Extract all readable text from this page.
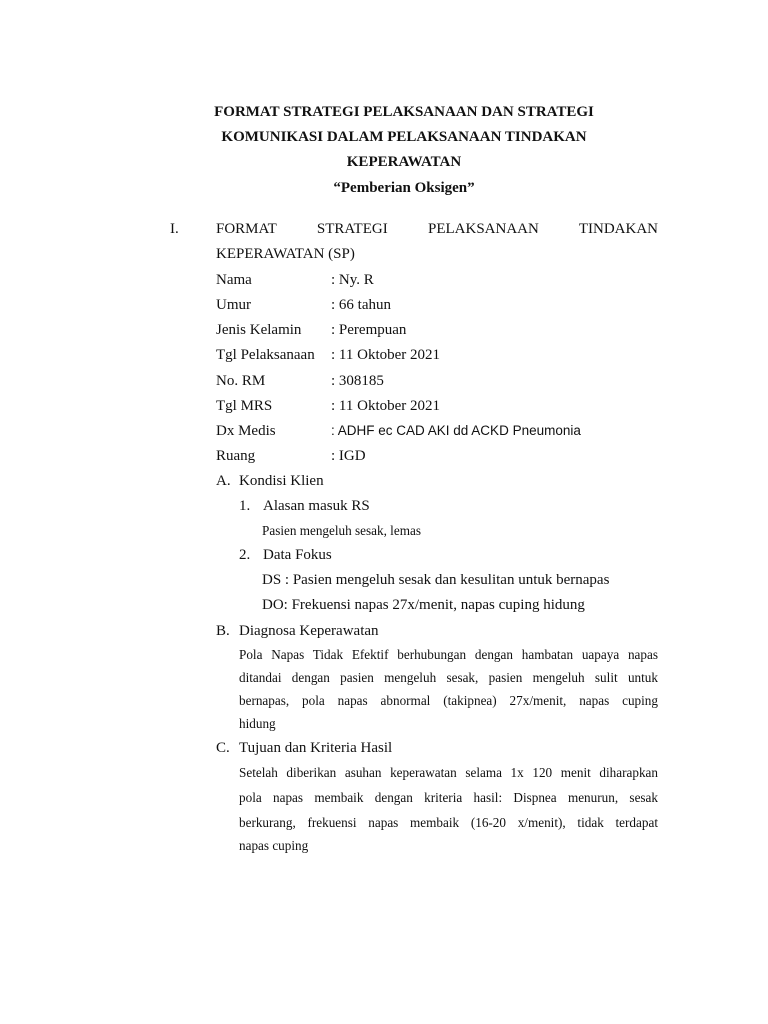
FORMAT STRATEGI PELAKSANAAN DAN STRATEGI
KOMUNIKASI DALAM PELAKSANAAN TINDAKAN
KEPERAWATAN
“Pemberian Oksigen”
I. FORMAT STRATEGI PELAKSANAAN TINDAKAN
KEPERAWATAN (SP)
Nama	: Ny. R
Umur	: 66 tahun
Jenis Kelamin : Perempuan
Tgl Pelaksanaan : 11 Oktober 2021
No. RM	: 308185
Tgl MRS	: 11 Oktober 2021
Dx Medis	: ADHF ec CAD AKI dd ACKD Pneumonia
Ruang	: IGD
A. Kondisi Klien
1. Alasan masuk RS
Pasien mengeluh sesak, lemas
2. Data Fokus
DS : Pasien mengeluh sesak dan kesulitan untuk bernapas
DO: Frekuensi napas 27x/menit, napas cuping hidung
B. Diagnosa Keperawatan
Pola Napas Tidak Efektif berhubungan dengan hambatan uapaya napas
ditandai dengan pasien mengeluh sesak, pasien mengeluh sulit untuk
bernapas, pola napas abnormal (takipnea) 27x/menit, napas cuping
hidung
C. Tujuan dan Kriteria Hasil
Setelah diberikan asuhan keperawatan selama 1x 120 menit diharapkan
pola napas membaik dengan kriteria hasil: Dispnea menurun, sesak
berkurang, frekuensi napas membaik (16-20 x/menit), tidak terdapat
napas cuping
